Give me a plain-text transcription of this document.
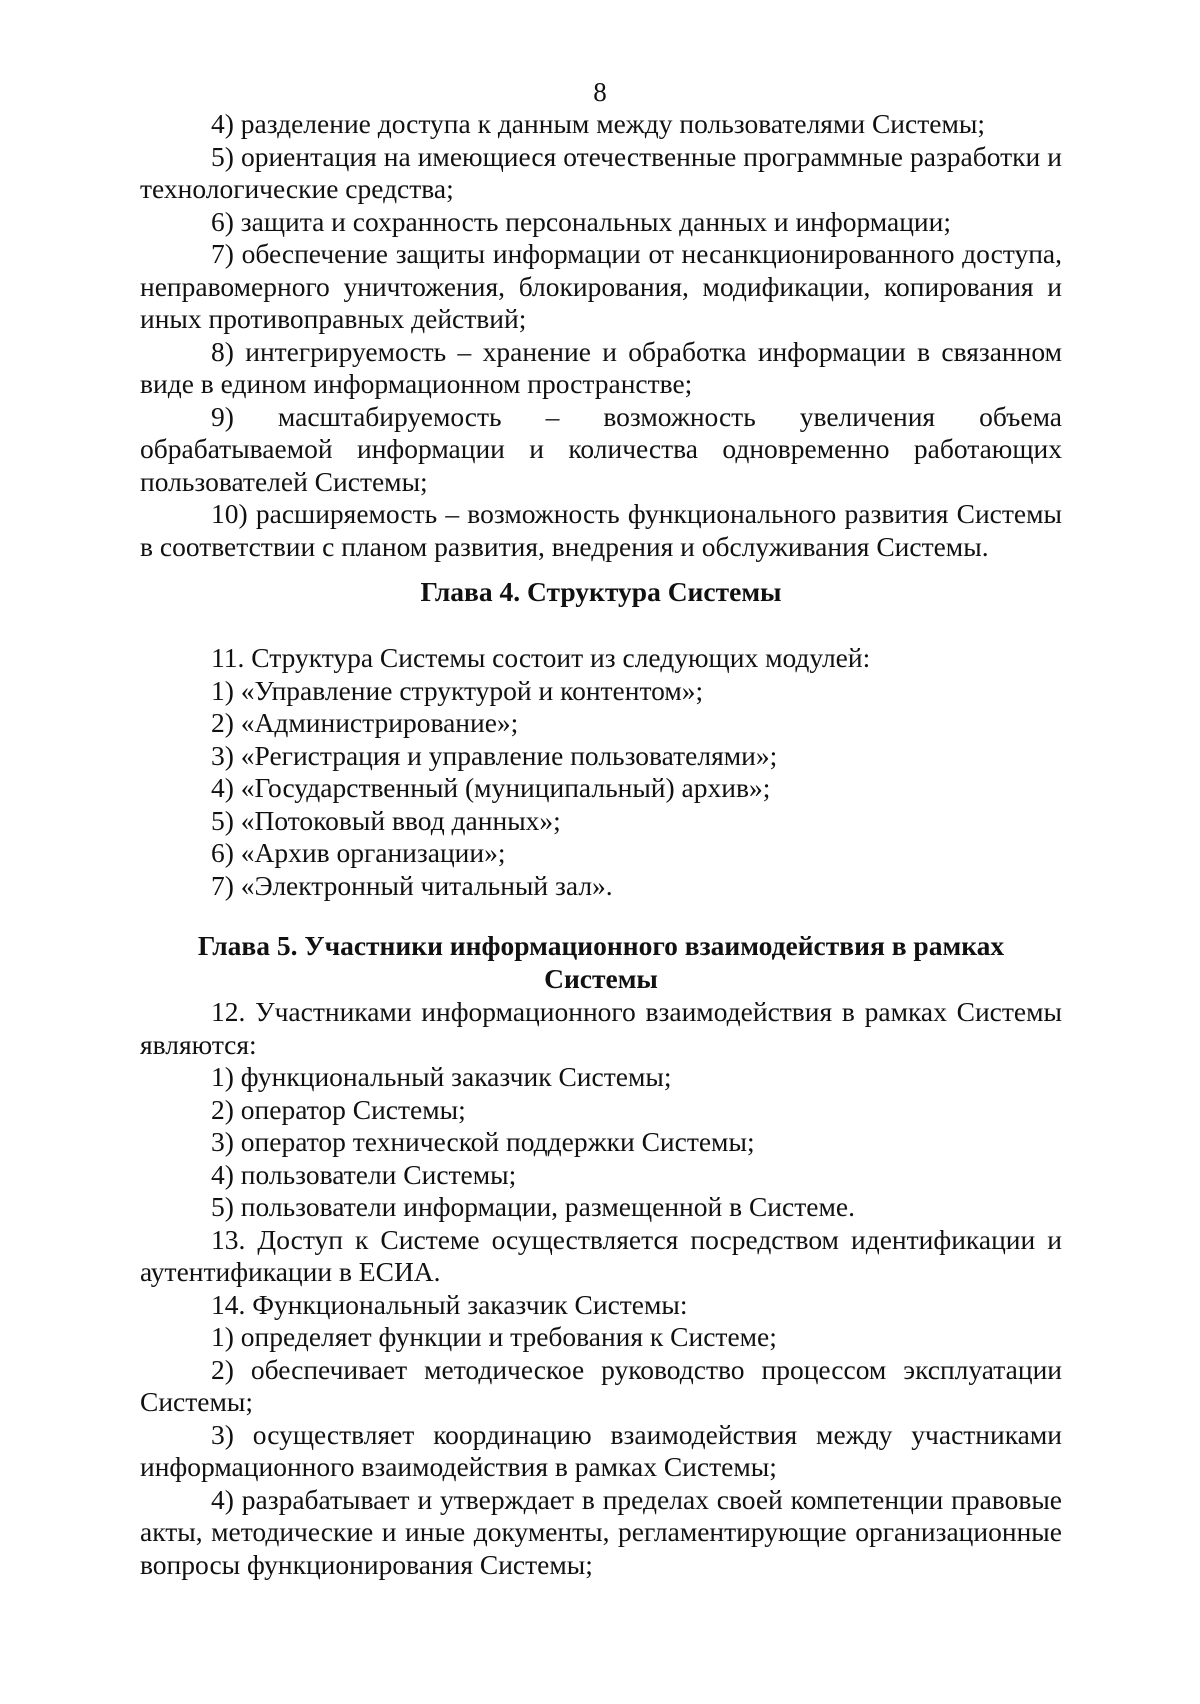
8

4) разделение доступа к данным между пользователями Системы;

5) ориентация на имеющиеся отечественные программные разработки и технологические средства;

6) защита и сохранность персональных данных и информации;

7) обеспечение защиты информации от несанкционированного доступа, неправомерного уничтожения, блокирования, модификации, копирования и иных противоправных действий;

8) интегрируемость – хранение и обработка информации в связанном виде в едином информационном пространстве;

9) масштабируемость – возможность увеличения объема обрабатываемой информации и количества одновременно работающих пользователей Системы;

10) расширяемость – возможность функционального развития Системы в соответствии с планом развития, внедрения и обслуживания Системы.

Глава 4. Структура Системы

11. Структура Системы состоит из следующих модулей:

1) «Управление структурой и контентом»;

2) «Администрирование»;

3) «Регистрация и управление пользователями»;

4) «Государственный (муниципальный) архив»;

5) «Потоковый ввод данных»;

6) «Архив организации»;

7) «Электронный читальный зал».

Глава 5. Участники информационного взаимодействия в рамках Системы

12. Участниками информационного взаимодействия в рамках Системы являются:

1) функциональный заказчик Системы;

2) оператор Системы;

3) оператор технической поддержки Системы;

4) пользователи Системы;

5) пользователи информации, размещенной в Системе.

13. Доступ к Системе осуществляется посредством идентификации и аутентификации в ЕСИА.

14. Функциональный заказчик Системы:

1) определяет функции и требования к Системе;

2) обеспечивает методическое руководство процессом эксплуатации Системы;

3) осуществляет координацию взаимодействия между участниками информационного взаимодействия в рамках Системы;

4) разрабатывает и утверждает в пределах своей компетенции правовые акты, методические и иные документы, регламентирующие организационные вопросы функционирования Системы;
